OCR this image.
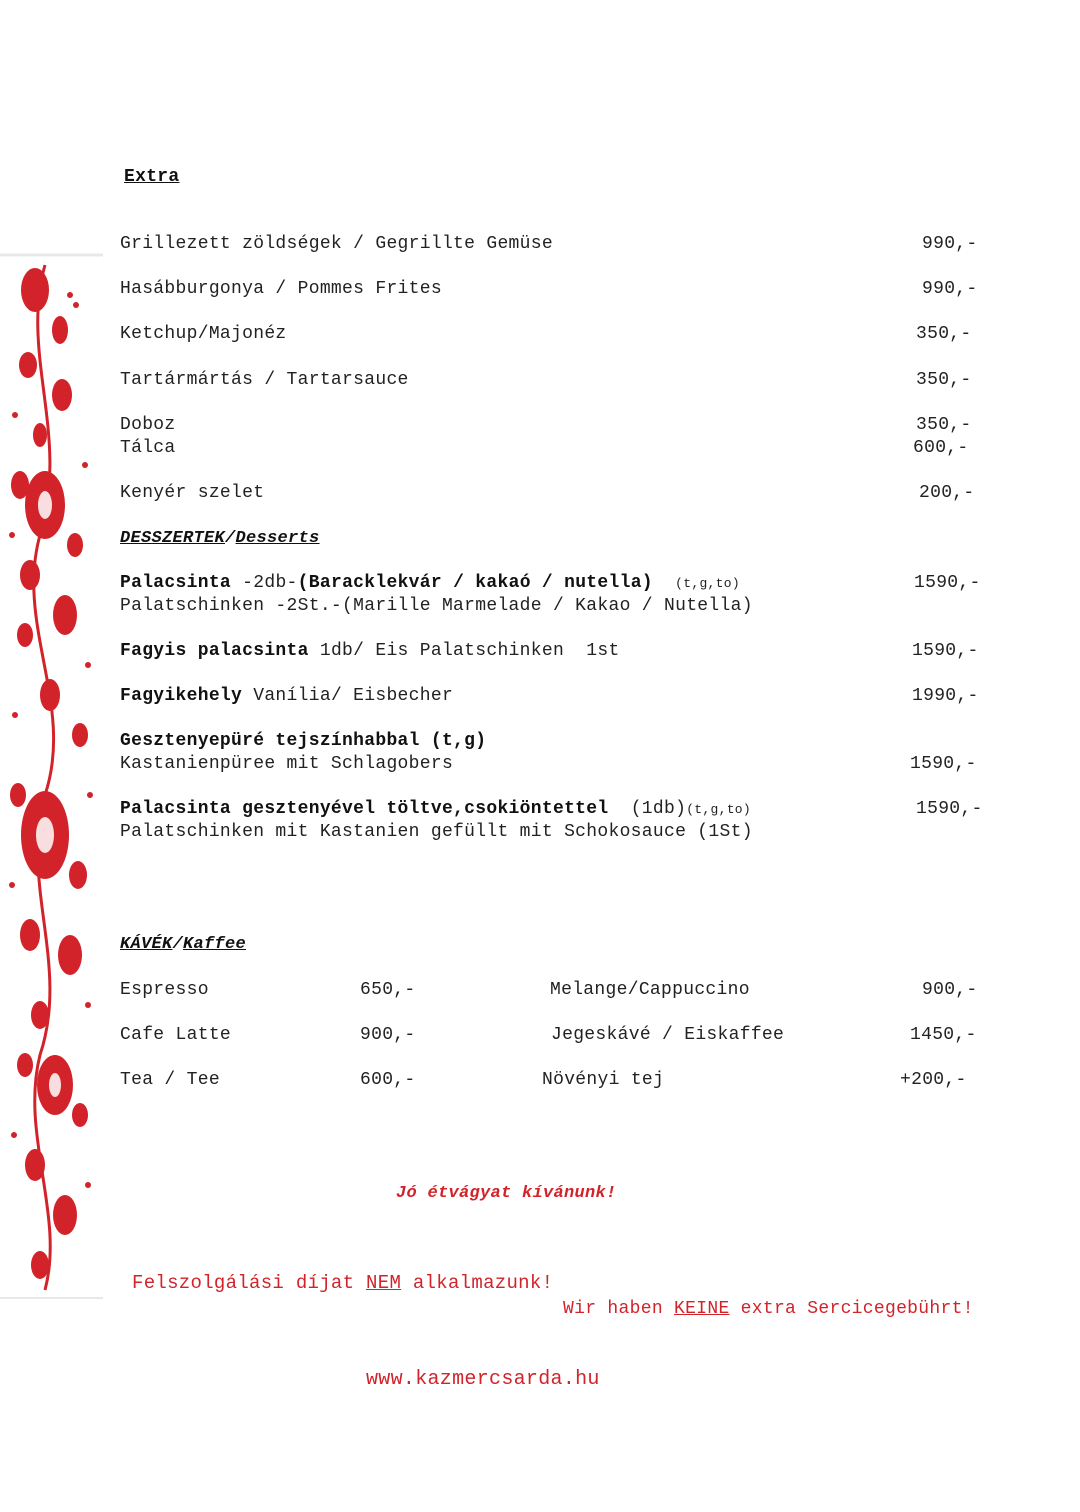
Extra
Grillezett zöldségek / Gegrillte Gemüse	990,-
Hasábburgonya / Pommes Frites	990,-
Ketchup/Majonéz	350,-
Tartármártás / Tartarsauce	350,-
Doboz	350,-
Tálca	600,-
Kenyér szelet	200,-
DESSZERTEK/Desserts
Palacsinta -2db-(Baracklekvár / kakaó / nutella) (t,g,to)	1590,-
Palatschinken -2St.-(Marille Marmelade / Kakao / Nutella)
Fagyis palacsinta 1db/ Eis Palatschinken  1st	1590,-
Fagyikehely Vanília/ Eisbecher	1990,-
Gesztenyepüré tejszínhabbal (t,g)
Kastanienpüree mit Schlagobers	1590,-
Palacsinta gesztenyével töltve,csokiöntettel  (1db)(t,g,to)	1590,-
Palatschinken mit Kastanien gefüllt mit Schokosauce (1St)
KÁVÉK/Kaffee
Espresso	650,-	Melange/Cappuccino	900,-
Cafe Latte	900,-	Jegeskávé / Eiskaffee	1450,-
Tea / Tee	600,-	Növényi tej	+200,-
Jó étvágyat kívánunk!
Felszolgálási díjat NEM alkalmazunk!
Wir haben KEINE extra Sercicegebührt!
www.kazmercsarda.hu
